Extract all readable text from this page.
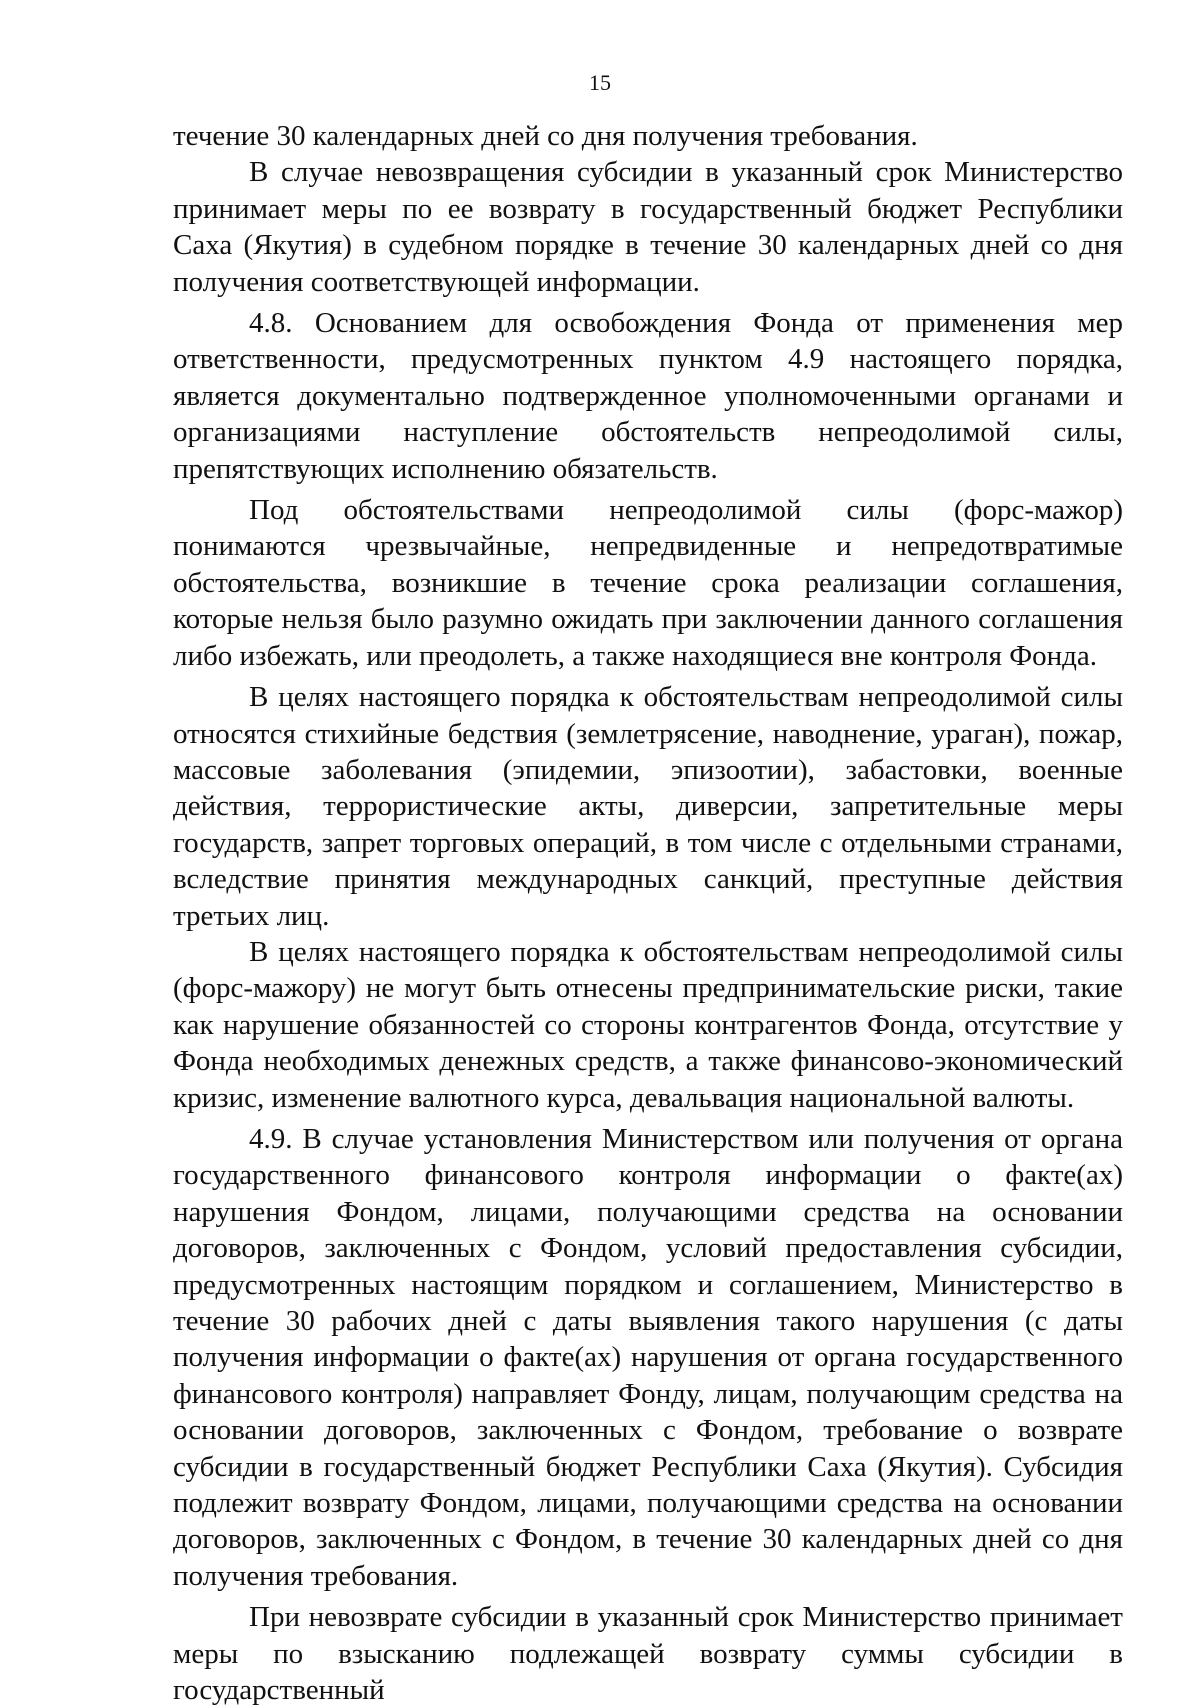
15

течение 30 календарных дней со дня получения требования.

В случае невозвращения субсидии в указанный срок Министерство принимает меры по ее возврату в государственный бюджет Республики Саха (Якутия) в судебном порядке в течение 30 календарных дней со дня получения соответствующей информации.

4.8. Основанием для освобождения Фонда от применения мер ответственности, предусмотренных пунктом 4.9 настоящего порядка, является документально подтвержденное уполномоченными органами и организациями наступление обстоятельств непреодолимой силы, препятствующих исполнению обязательств.

Под обстоятельствами непреодолимой силы (форс-мажор) понимаются чрезвычайные, непредвиденные и непредотвратимые обстоятельства, возникшие в течение срока реализации соглашения, которые нельзя было разумно ожидать при заключении данного соглашения либо избежать, или преодолеть, а также находящиеся вне контроля Фонда.

В целях настоящего порядка к обстоятельствам непреодолимой силы относятся стихийные бедствия (землетрясение, наводнение, ураган), пожар, массовые заболевания (эпидемии, эпизоотии), забастовки, военные действия, террористические акты, диверсии, запретительные меры государств, запрет торговых операций, в том числе с отдельными странами, вследствие принятия международных санкций, преступные действия третьих лиц.

В целях настоящего порядка к обстоятельствам непреодолимой силы (форс-мажору) не могут быть отнесены предпринимательские риски, такие как нарушение обязанностей со стороны контрагентов Фонда, отсутствие у Фонда необходимых денежных средств, а также финансово-экономический кризис, изменение валютного курса, девальвация национальной валюты.

4.9. В случае установления Министерством или получения от органа государственного финансового контроля информации о факте(ах) нарушения Фондом, лицами, получающими средства на основании договоров, заключенных с Фондом, условий предоставления субсидии, предусмотренных настоящим порядком и соглашением, Министерство в течение 30 рабочих дней с даты выявления такого нарушения (с даты получения информации о факте(ах) нарушения от органа государственного финансового контроля) направляет Фонду, лицам, получающим средства на основании договоров, заключенных с Фондом, требование о возврате субсидии в государственный бюджет Республики Саха (Якутия). Субсидия подлежит возврату Фондом, лицами, получающими средства на основании договоров, заключенных с Фондом, в течение 30 календарных дней со дня получения требования.

При невозврате субсидии в указанный срок Министерство принимает меры по взысканию подлежащей возврату суммы субсидии в государственный
